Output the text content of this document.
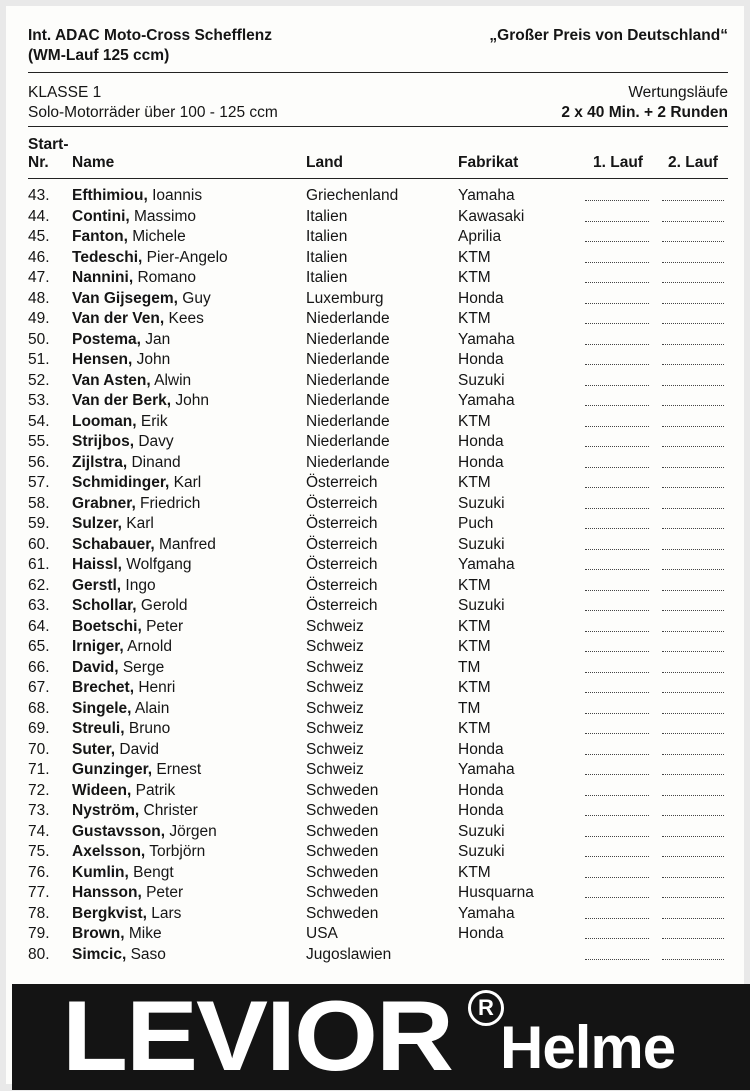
Int. ADAC Moto-Cross Schefflenz
(WM-Lauf 125 ccm)
„Großer Preis von Deutschland“
KLASSE 1
Solo-Motorräder über 100 - 125 ccm
Wertungsläufe
2 x 40 Min. + 2 Runden
Start-
Nr. Name	Land	Fabrikat	1. Lauf 2. Lauf
43. Efthimiou, Ioannis	Griechenland	Yamaha
44. Contini, Massimo	Italien	Kawasaki
45. Fanton, Michele	Italien	Aprilia
46. Tedeschi, Pier-Angelo	Italien	KTM
47. Nannini, Romano	Italien	KTM
48. Van Gijsegem, Guy	Luxemburg	Honda
49. Van der Ven, Kees	Niederlande	KTM
50. Postema, Jan	Niederlande	Yamaha
51. Hensen, John	Niederlande	Honda
52. Van Asten, Alwin	Niederlande	Suzuki
53. Van der Berk, John	Niederlande	Yamaha
54. Looman, Erik	Niederlande	KTM
55. Strijbos, Davy	Niederlande	Honda
56. Zijlstra, Dinand	Niederlande	Honda
57. Schmidinger, Karl	Österreich	KTM
58. Grabner, Friedrich	Österreich	Suzuki
59. Sulzer, Karl	Österreich	Puch
60. Schabauer, Manfred	Österreich	Suzuki
61. Haissl, Wolfgang	Österreich	Yamaha
62. Gerstl, Ingo	Österreich	KTM
63. Schollar, Gerold	Österreich	Suzuki
64. Boetschi, Peter	Schweiz	KTM
65. Irniger, Arnold	Schweiz	KTM
66. David, Serge	Schweiz	TM
67. Brechet, Henri	Schweiz	KTM
68. Singele, Alain	Schweiz	TM
69. Streuli, Bruno	Schweiz	KTM
70. Suter, David	Schweiz	Honda
71. Gunzinger, Ernest	Schweiz	Yamaha
72. Wideen, Patrik	Schweden	Honda
73. Nyström, Christer	Schweden	Honda
74. Gustavsson, Jörgen	Schweden	Suzuki
75. Axelsson, Torbjörn	Schweden	Suzuki
76. Kumlin, Bengt	Schweden	KTM
77. Hansson, Peter	Schweden	Husquarna
78. Bergkvist, Lars	Schweden	Yamaha
79. Brown, Mike	USA	Honda
80. Simcic, Saso	Jugoslawien
LEVIOR	R
Helme
